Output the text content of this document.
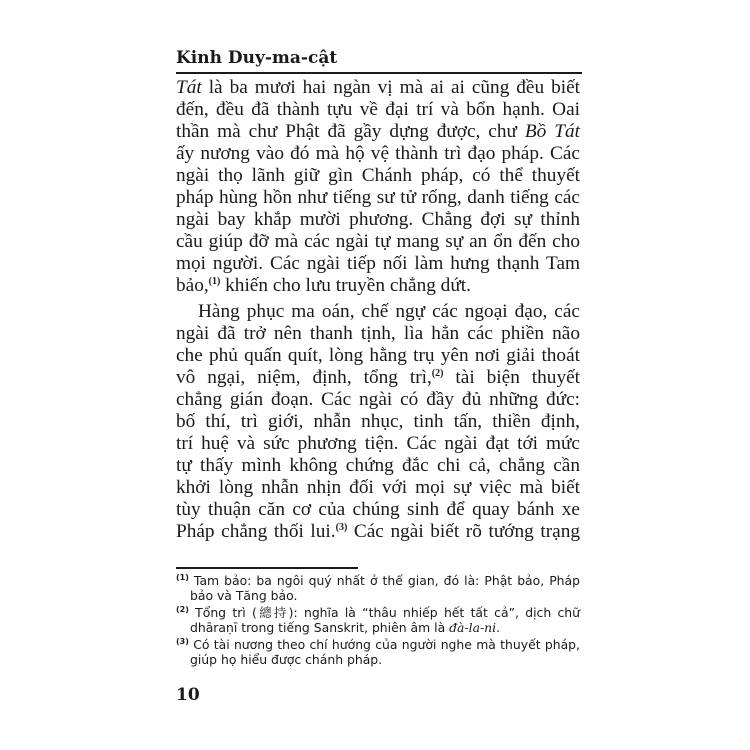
Kinh Duy-ma-cật
Tát là ba mươi hai ngàn vị mà ai ai cũng đều biết
đến, đều đã thành tựu về đại trí và bổn hạnh. Oai
thần mà chư Phật đã gầy dựng được, chư Bồ Tát
ấy nương vào đó mà hộ vệ thành trì đạo pháp. Các
ngài thọ lãnh giữ gìn Chánh pháp, có thể thuyết
pháp hùng hồn như tiếng sư tử rống, danh tiếng các
ngài bay khắp mười phương. Chẳng đợi sự thỉnh
cầu giúp đỡ mà các ngài tự mang sự an ổn đến cho
mọi người. Các ngài tiếp nối làm hưng thạnh Tam
bảo,$^{(1)}$ khiến cho lưu truyền chẳng dứt.
Hàng phục ma oán, chế ngự các ngoại đạo, các
ngài đã trở nên thanh tịnh, lìa hẳn các phiền não
che phủ quấn quít, lòng hằng trụ yên nơi giải thoát
vô ngại, niệm, định, tổng trì,$^{(2)}$ tài biện thuyết
chẳng gián đoạn. Các ngài có đầy đủ những đức:
bố thí, trì giới, nhẫn nhục, tinh tấn, thiền định,
trí huệ và sức phương tiện. Các ngài đạt tới mức
tự thấy mình không chứng đắc chi cả, chẳng cần
khởi lòng nhẫn nhịn đối với mọi sự việc mà biết
tùy thuận căn cơ của chúng sinh để quay bánh xe
Pháp chẳng thối lui.$^{(3)}$ Các ngài biết rõ tướng trạng
$^{(1)}$ Tam bảo: ba ngôi quý nhất ở thế gian, đó là: Phật bảo, Pháp
bảo và Tăng bảo.
$^{(2)}$ Tổng trì (總持): nghĩa là “thâu nhiếp hết tất cả”, dịch chữ
dhāraṇī trong tiếng Sanskrit, phiên âm là đà-la-ni.
$^{(3)}$ Có tài nương theo chí hướng của người nghe mà thuyết pháp,
giúp họ hiểu được chánh pháp.
10
